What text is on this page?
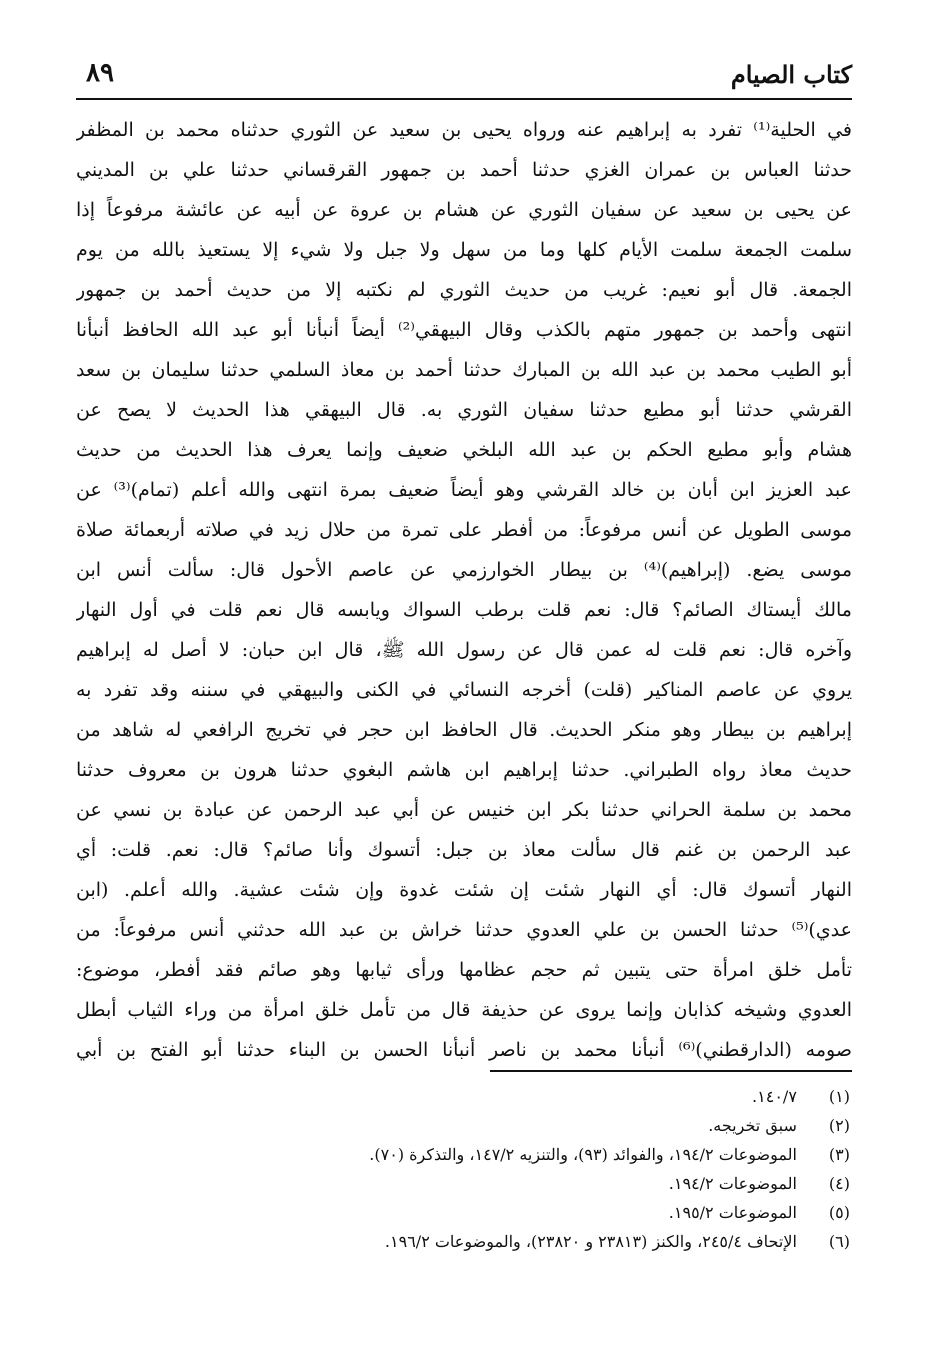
كتاب الصيام
٨٩
في الحلية⁽¹⁾ تفرد به إبراهيم عنه ورواه يحيى بن سعيد عن الثوري حدثناه محمد بن المظفر
حدثنا العباس بن عمران الغزي حدثنا أحمد بن جمهور القرقساني حدثنا علي بن المديني
عن يحيى بن سعيد عن سفيان الثوري عن هشام بن عروة عن أبيه عن عائشة مرفوعاً إذا
سلمت الجمعة سلمت الأيام كلها وما من سهل ولا جبل ولا شيء إلا يستعيذ بالله من يوم
الجمعة. قال أبو نعيم: غريب من حديث الثوري لم نكتبه إلا من حديث أحمد بن جمهور
انتهى وأحمد بن جمهور متهم بالكذب وقال البيهقي⁽²⁾ أيضاً أنبأنا أبو عبد الله الحافظ أنبأنا
أبو الطيب محمد بن عبد الله بن المبارك حدثنا أحمد بن معاذ السلمي حدثنا سليمان بن سعد
القرشي حدثنا أبو مطيع حدثنا سفيان الثوري به. قال البيهقي هذا الحديث لا يصح عن
هشام وأبو مطيع الحكم بن عبد الله البلخي ضعيف وإنما يعرف هذا الحديث من حديث
عبد العزيز ابن أبان بن خالد القرشي وهو أيضاً ضعيف بمرة انتهى والله أعلم (تمام)⁽³⁾ عن
موسى الطويل عن أنس مرفوعاً: من أفطر على تمرة من حلال زيد في صلاته أربعمائة صلاة
موسى يضع. (إبراهيم)⁽⁴⁾ بن بيطار الخوارزمي عن عاصم الأحول قال: سألت أنس ابن
مالك أيستاك الصائم؟ قال: نعم قلت برطب السواك ويابسه قال نعم قلت في أول النهار
وآخره قال: نعم قلت له عمن قال عن رسول الله ﷺ، قال ابن حبان: لا أصل له إبراهيم
يروي عن عاصم المناكير (قلت) أخرجه النسائي في الكنى والبيهقي في سننه وقد تفرد به
إبراهيم بن بيطار وهو منكر الحديث. قال الحافظ ابن حجر في تخريج الرافعي له شاهد من
حديث معاذ رواه الطبراني. حدثنا إبراهيم ابن هاشم البغوي حدثنا هرون بن معروف حدثنا
محمد بن سلمة الحراني حدثنا بكر ابن خنيس عن أبي عبد الرحمن عن عبادة بن نسي عن
عبد الرحمن بن غنم قال سألت معاذ بن جبل: أتسوك وأنا صائم؟ قال: نعم. قلت: أي
النهار أتسوك قال: أي النهار شئت إن شئت غدوة وإن شئت عشية. والله أعلم. (ابن
عدي)⁽⁵⁾ حدثنا الحسن بن علي العدوي حدثنا خراش بن عبد الله حدثني أنس مرفوعاً: من
تأمل خلق امرأة حتى يتبين ثم حجم عظامها ورأى ثيابها وهو صائم فقد أفطر، موضوع:
العدوي وشيخه كذابان وإنما يروى عن حذيفة قال من تأمل خلق امرأة من وراء الثياب أبطل
صومه (الدارقطني)⁽⁶⁾ أنبأنا محمد بن ناصر أنبأنا الحسن بن البناء حدثنا أبو الفتح بن أبي
(١) ١٤٠/٧.
(٢) سبق تخريجه.
(٣) الموضوعات ١٩٤/٢، والفوائد (٩٣)، والتنزيه ١٤٧/٢، والتذكرة (٧٠).
(٤) الموضوعات ١٩٤/٢.
(٥) الموضوعات ١٩٥/٢.
(٦) الإتحاف ٢٤٥/٤، والكنز (٢٣٨١٣ و ٢٣٨٢٠)، والموضوعات ١٩٦/٢.
